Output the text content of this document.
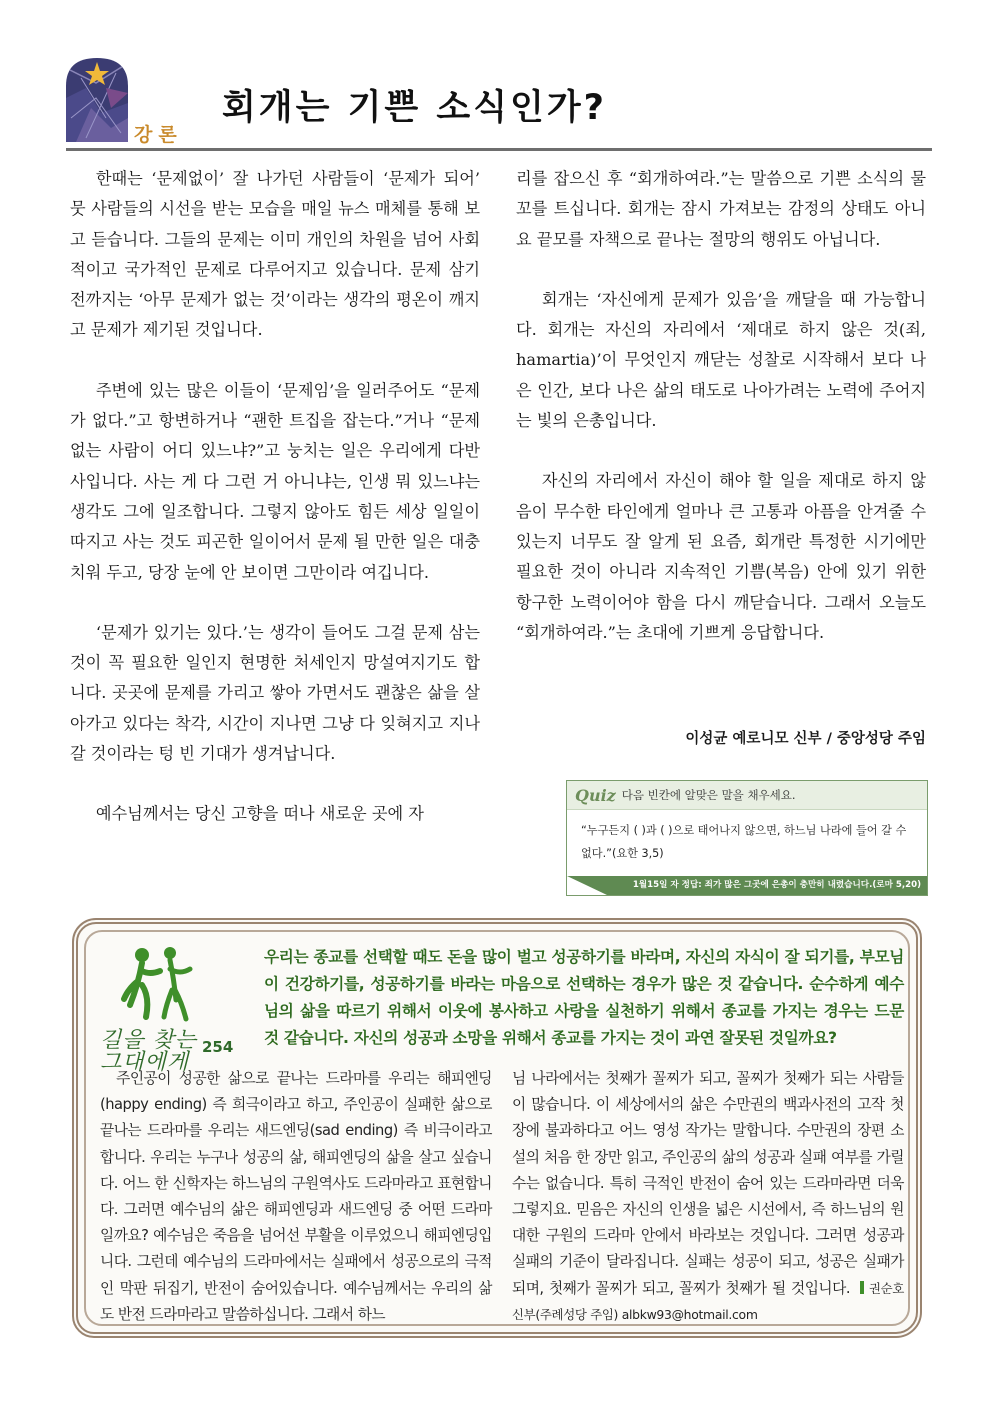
강론
회개는 기쁜 소식인가?

한때는 ‘문제없이’ 잘 나가던 사람들이 ‘문제가 되어’ 뭇 사람들의 시선을 받는 모습을 매일 뉴스 매체를 통해 보고 듣습니다. 그들의 문제는 이미 개인의 차원을 넘어 사회적이고 국가적인 문제로 다루어지고 있습니다. 문제 삼기 전까지는 ‘아무 문제가 없는 것’이라는 생각의 평온이 깨지고 문제가 제기된 것입니다.

주변에 있는 많은 이들이 ‘문제임’을 일러주어도 “문제가 없다.”고 항변하거나 “괜한 트집을 잡는다.”거나 “문제없는 사람이 어디 있느냐?”고 눙치는 일은 우리에게 다반사입니다. 사는 게 다 그런 거 아니냐는, 인생 뭐 있느냐는 생각도 그에 일조합니다. 그렇지 않아도 힘든 세상 일일이 따지고 사는 것도 피곤한 일이어서 문제 될 만한 일은 대충 치워 두고, 당장 눈에 안 보이면 그만이라 여깁니다.

‘문제가 있기는 있다.’는 생각이 들어도 그걸 문제 삼는 것이 꼭 필요한 일인지 현명한 처세인지 망설여지기도 합니다. 곳곳에 문제를 가리고 쌓아 가면서도 괜찮은 삶을 살아가고 있다는 착각, 시간이 지나면 그냥 다 잊혀지고 지나갈 것이라는 텅 빈 기대가 생겨납니다.

예수님께서는 당신 고향을 떠나 새로운 곳에 자

리를 잡으신 후 “회개하여라.”는 말씀으로 기쁜 소식의 물꼬를 트십니다. 회개는 잠시 가져보는 감정의 상태도 아니요 끝모를 자책으로 끝나는 절망의 행위도 아닙니다.

회개는 ‘자신에게 문제가 있음’을 깨달을 때 가능합니다. 회개는 자신의 자리에서 ‘제대로 하지 않은 것(죄, hamartia)’이 무엇인지 깨닫는 성찰로 시작해서 보다 나은 인간, 보다 나은 삶의 태도로 나아가려는 노력에 주어지는 빛의 은총입니다.

자신의 자리에서 자신이 해야 할 일을 제대로 하지 않음이 무수한 타인에게 얼마나 큰 고통과 아픔을 안겨줄 수 있는지 너무도 잘 알게 된 요즘, 회개란 특정한 시기에만 필요한 것이 아니라 지속적인 기쁨(복음) 안에 있기 위한 항구한 노력이어야 함을 다시 깨닫습니다. 그래서 오늘도 “회개하여라.”는 초대에 기쁘게 응답합니다.

이성균 예로니모 신부 / 중앙성당 주임
Quiz 다음 빈칸에 알맞은 말을 채우세요.
“누구든지 ( )과 ( )으로 태어나지 않으면, 하느님 나라에 들어 갈 수 없다.”(요한 3,5)
1월15일 자 정답: 죄가 많은 그곳에 은총이 충만히 내렸습니다.(로마 5,20)
길을 찾는 그대에게
254
우리는 종교를 선택할 때도 돈을 많이 벌고 성공하기를 바라며, 자신의 자식이 잘 되기를, 부모님이 건강하기를, 성공하기를 바라는 마음으로 선택하는 경우가 많은 것 같습니다. 순수하게 예수님의 삶을 따르기 위해서 이웃에 봉사하고 사랑을 실천하기 위해서 종교를 가지는 경우는 드문 것 같습니다. 자신의 성공과 소망을 위해서 종교를 가지는 것이 과연 잘못된 것일까요?

주인공이 성공한 삶으로 끝나는 드라마를 우리는 해피엔딩(happy ending) 즉 희극이라고 하고, 주인공이 실패한 삶으로 끝나는 드라마를 우리는 새드엔딩(sad ending) 즉 비극이라고 합니다. 우리는 누구나 성공의 삶, 해피엔딩의 삶을 살고 싶습니다. 어느 한 신학자는 하느님의 구원역사도 드라마라고 표현합니다. 그러면 예수님의 삶은 해피엔딩과 새드엔딩 중 어떤 드라마일까요? 예수님은 죽음을 넘어선 부활을 이루었으니 해피엔딩입니다. 그런데 예수님의 드라마에서는 실패에서 성공으로의 극적인 막판 뒤집기, 반전이 숨어있습니다. 예수님께서는 우리의 삶도 반전 드라마라고 말씀하십니다. 그래서 하느

님 나라에서는 첫째가 꼴찌가 되고, 꼴찌가 첫째가 되는 사람들이 많습니다. 이 세상에서의 삶은 수만권의 백과사전의 고작 첫 장에 불과하다고 어느 영성 작가는 말합니다. 수만권의 장편 소설의 처음 한 장만 읽고, 주인공의 삶의 성공과 실패 여부를 가릴 수는 없습니다. 특히 극적인 반전이 숨어 있는 드라마라면 더욱 그렇지요. 믿음은 자신의 인생을 넓은 시선에서, 즉 하느님의 원대한 구원의 드라마 안에서 바라보는 것입니다. 그러면 성공과 실패의 기준이 달라집니다. 실패는 성공이 되고, 성공은 실패가 되며, 첫째가 꼴찌가 되고, 꼴찌가 첫째가 될 것입니다. 권순호 신부(주례성당 주임) albkw93@hotmail.com
